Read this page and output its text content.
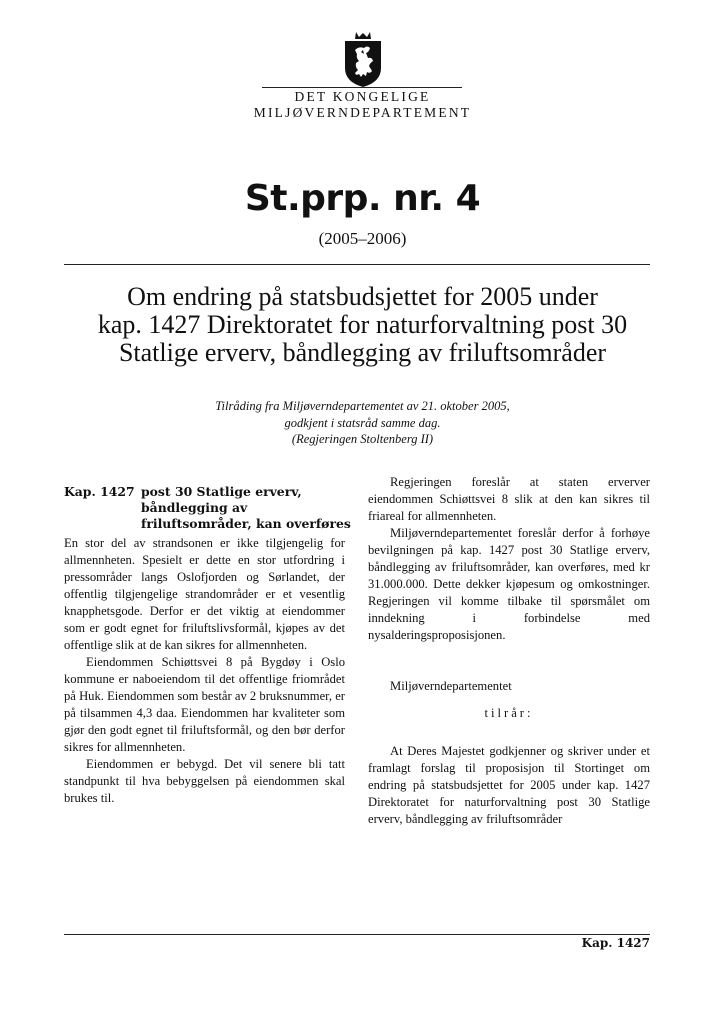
DET KONGELIGE
MILJØVERNDEPARTEMENT
St.prp. nr. 4
(2005–2006)
Om endring på statsbudsjettet for 2005 under
kap. 1427 Direktoratet for naturforvaltning post 30
Statlige erverv, båndlegging av friluftsområder
Tilråding fra Miljøverndepartementet av 21. oktober 2005,
godkjent i statsråd samme dag.
(Regjeringen Stoltenberg II)
Kap. 1427 post 30 Statlige erverv, båndlegging av friluftsområder, kan overføres

En stor del av strandsonen er ikke tilgjengelig for allmennheten. Spesielt er dette en stor utfordring i pressområder langs Oslofjorden og Sørlandet, der offentlig tilgjengelige strandområder er et vesentlig knapphetsgode. Derfor er det viktig at eiendommer som er godt egnet for friluftslivsformål, kjøpes av det offentlige slik at de kan sikres for allmennheten.

Eiendommen Schiøttsvei 8 på Bygdøy i Oslo kommune er naboeiendom til det offentlige friområdet på Huk. Eiendommen som består av 2 bruksnummer, er på tilsammen 4,3 daa. Eiendommen har kvaliteter som gjør den godt egnet til friluftsformål, og den bør derfor sikres for allmennheten.

Eiendommen er bebygd. Det vil senere bli tatt standpunkt til hva bebyggelsen på eiendommen skal brukes til.

Regjeringen foreslår at staten erverver eiendommen Schiøttsvei 8 slik at den kan sikres til friareal for allmennheten.

Miljøverndepartementet foreslår derfor å forhøye bevilgningen på kap. 1427 post 30 Statlige erverv, båndlegging av friluftsområder, kan overføres, med kr 31.000.000. Dette dekker kjøpesum og omkostninger. Regjeringen vil komme tilbake til spørsmålet om inndekning i forbindelse med nysalderingsproposisjonen.

Miljøverndepartementet

tilrår:

At Deres Majestet godkjenner og skriver under et framlagt forslag til proposisjon til Stortinget om endring på statsbudsjettet for 2005 under kap. 1427 Direktoratet for naturforvaltning post 30 Statlige erverv, båndlegging av friluftsområder

Kap. 1427
